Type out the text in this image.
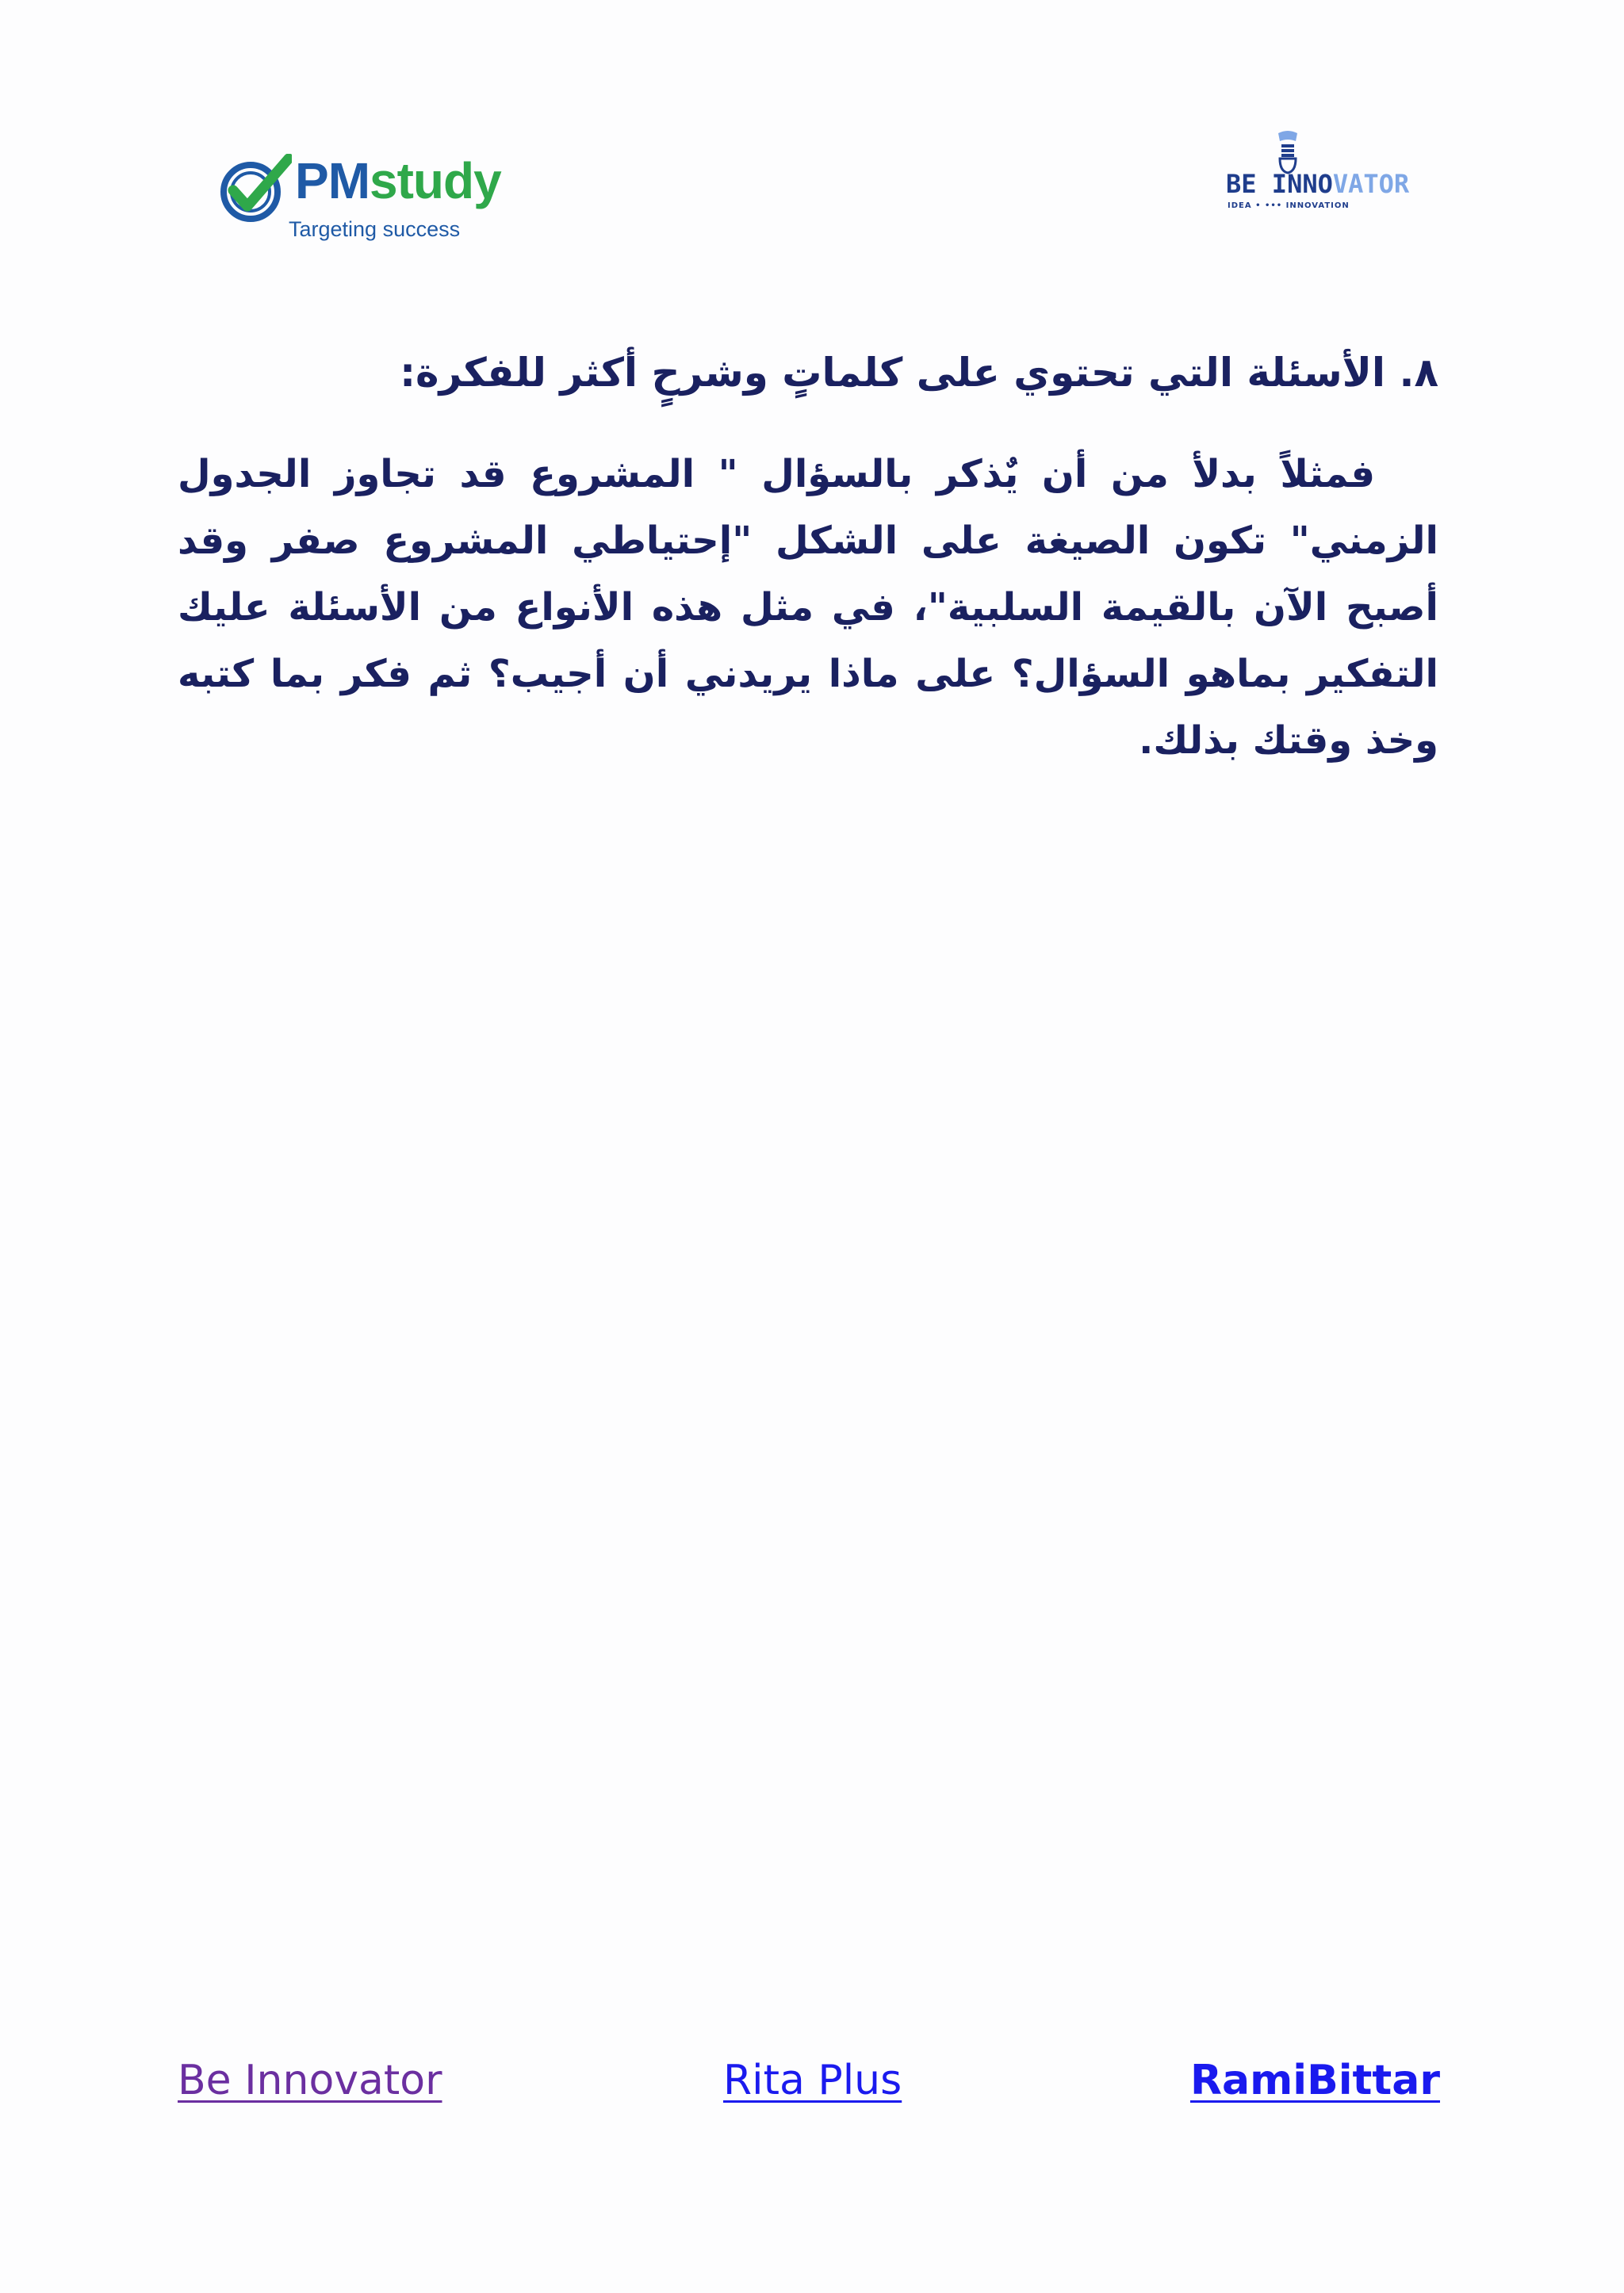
PMstudy
Targeting success
BE INNOVATOR
IDEA • ••• INNOVATION

٨. الأسئلة التي تحتوي على كلماتٍ وشرحٍ أكثر للفكرة:

فمثلاً بدلأ من أن يٌذكر بالسؤال " المشروع قد تجاوز الجدول الزمني" تكون الصيغة على الشكل "إحتياطي المشروع صفر وقد أصبح الآن بالقيمة السلبية"، في مثل هذه الأنواع من الأسئلة عليك التفكير بماهو السؤال؟ على ماذا يريدني أن أجيب؟ ثم فكر بما كتبه وخذ وقتك بذلك.

Be Innovator	Rita Plus	RamiBittar
